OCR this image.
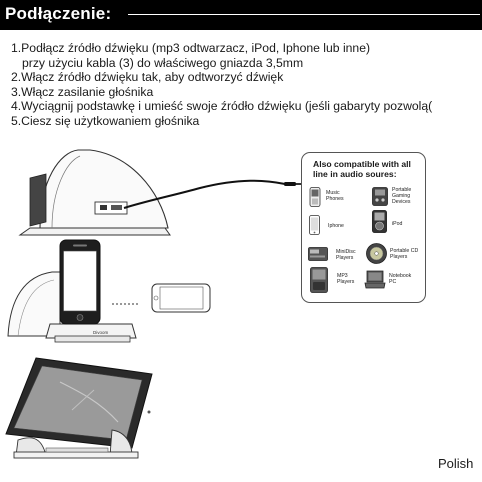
Podłączenie:
1.Podłącz źródło dźwięku (mp3 odtwarzacz, iPod, Iphone lub inne)
przy użyciu kabla (3) do właściwego gniazda 3,5mm
2.Włącz źródło dźwięku tak, aby odtworzyć dźwięk
3.Włącz zasilanie głośnika
4.Wyciągnij podstawkę i umieść swoje źródło dźwięku (jeśli gabaryty pozwolą(
5.Ciesz się użytkowaniem głośnika
Also compatible with all line in audio soures:
Music Phones
Portable Gaming Devices
Iphone	iPod
MiniDisc Players
Portable CD Players
MP3 Players
Notebook PC
Divoom
Polish
